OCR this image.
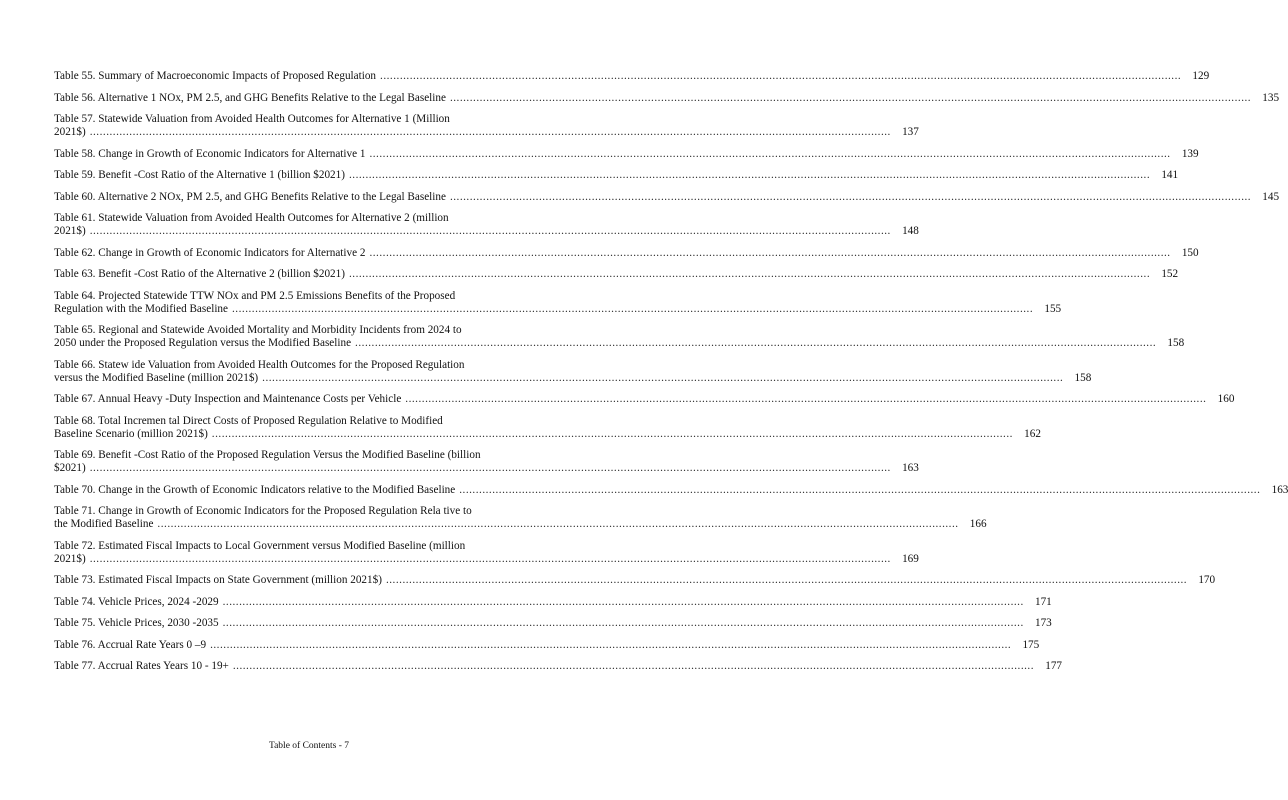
Table 55. Summary of Macroeconomic Impacts of Proposed Regulation .....	129
Table 56. Alternative 1 NOx, PM 2.5, and GHG Benefits Relative to the Legal Baseline .....	135
Table 57. Statewide Valuation from Avoided Health Outcomes for Alternative 1 (Million
2021$) .....	137
Table 58. Change in Growth of Economic Indicators for Alternative 1 .....	139
Table 59. Benefit -Cost Ratio of the Alternative 1 (billion $2021) .....	141
Table 60. Alternative 2 NOx, PM 2.5, and GHG Benefits Relative to the Legal Baseline .....	145
Table 61. Statewide Valuation from Avoided Health Outcomes for Alternative 2 (million
2021$) .....	148
Table 62. Change in Growth of Economic Indicators for Alternative 2 .....	150
Table 63. Benefit -Cost Ratio of the Alternative 2 (billion $2021) .....	152
Table 64. Projected Statewide TTW NOx and PM 2.5 Emissions Benefits of the Proposed
Regulation with the Modified Baseline .....	155
Table 65. Regional and Statewide Avoided Mortality and Morbidity Incidents from 2024 to
2050 under the Proposed Regulation versus the Modified Baseline .....	158
Table 66. Statew ide Valuation from Avoided Health Outcomes for the Proposed Regulation
versus the Modified Baseline (million 2021$) .....	158
Table 67. Annual Heavy -Duty Inspection and Maintenance Costs per Vehicle .....	160
Table 68. Total Incremen tal Direct Costs of Proposed Regulation Relative to Modified
Baseline Scenario (million 2021$) .....	162
Table 69. Benefit -Cost Ratio of the Proposed Regulation Versus the Modified Baseline (billion
$2021) .....	163
Table 70. Change in the Growth of Economic Indicators relative to the Modified Baseline .....	163
Table 71. Change in Growth of Economic Indicators for the Proposed Regulation Rela tive to
the Modified Baseline .....	166
Table 72. Estimated Fiscal Impacts to Local Government versus Modified Baseline (million
2021$) .....	169
Table 73. Estimated Fiscal Impacts on State Government (million 2021$) .....	170
Table 74. Vehicle Prices, 2024 -2029 .....	171
Table 75. Vehicle Prices, 2030 -2035 .....	173
Table 76. Accrual Rate Years 0 –9 .....	175
Table 77. Accrual Rates Years 10 - 19+ .....	177
Table of Contents - 7
